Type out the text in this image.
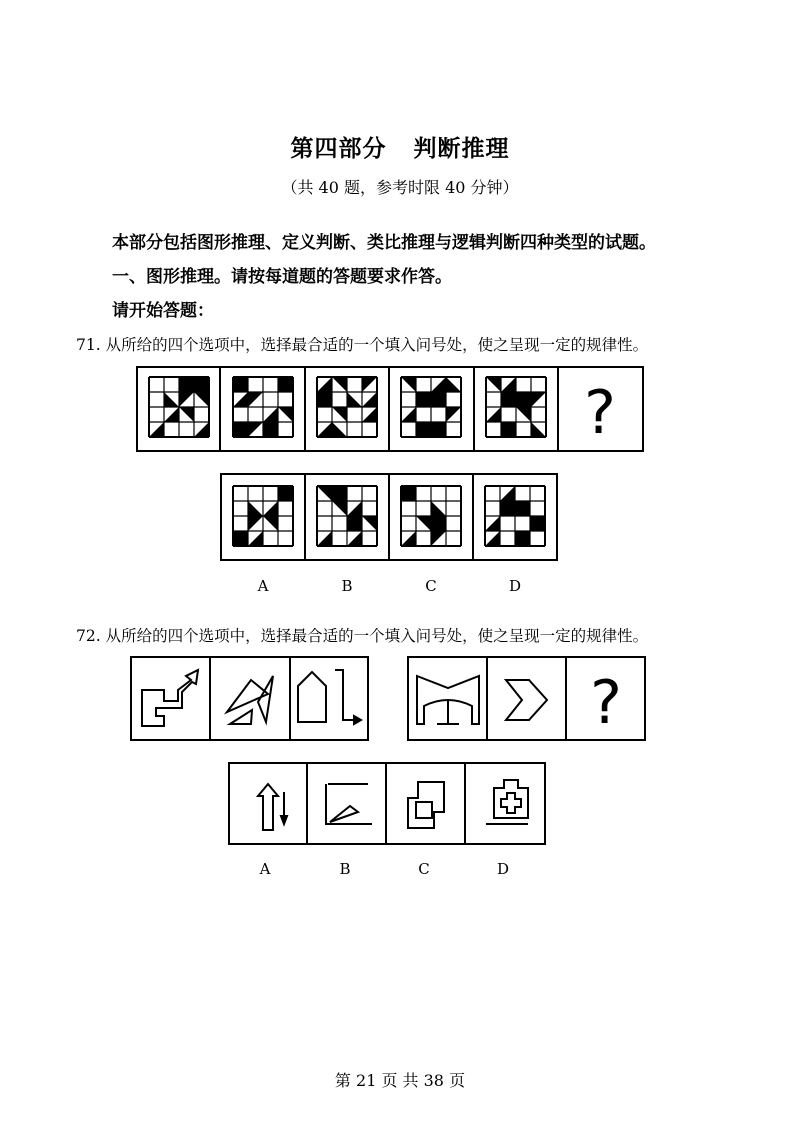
第四部分   判断推理
（共 40 题，参考时限 40 分钟）
本部分包括图形推理、定义判断、类比推理与逻辑判断四种类型的试题。
一、图形推理。请按每道题的答题要求作答。
请开始答题：
71. 从所给的四个选项中，选择最合适的一个填入问号处，使之呈现一定的规律性。
?
A	B	C	D
72. 从所给的四个选项中，选择最合适的一个填入问号处，使之呈现一定的规律性。
?
A	B	C	D
第 21 页 共 38 页
